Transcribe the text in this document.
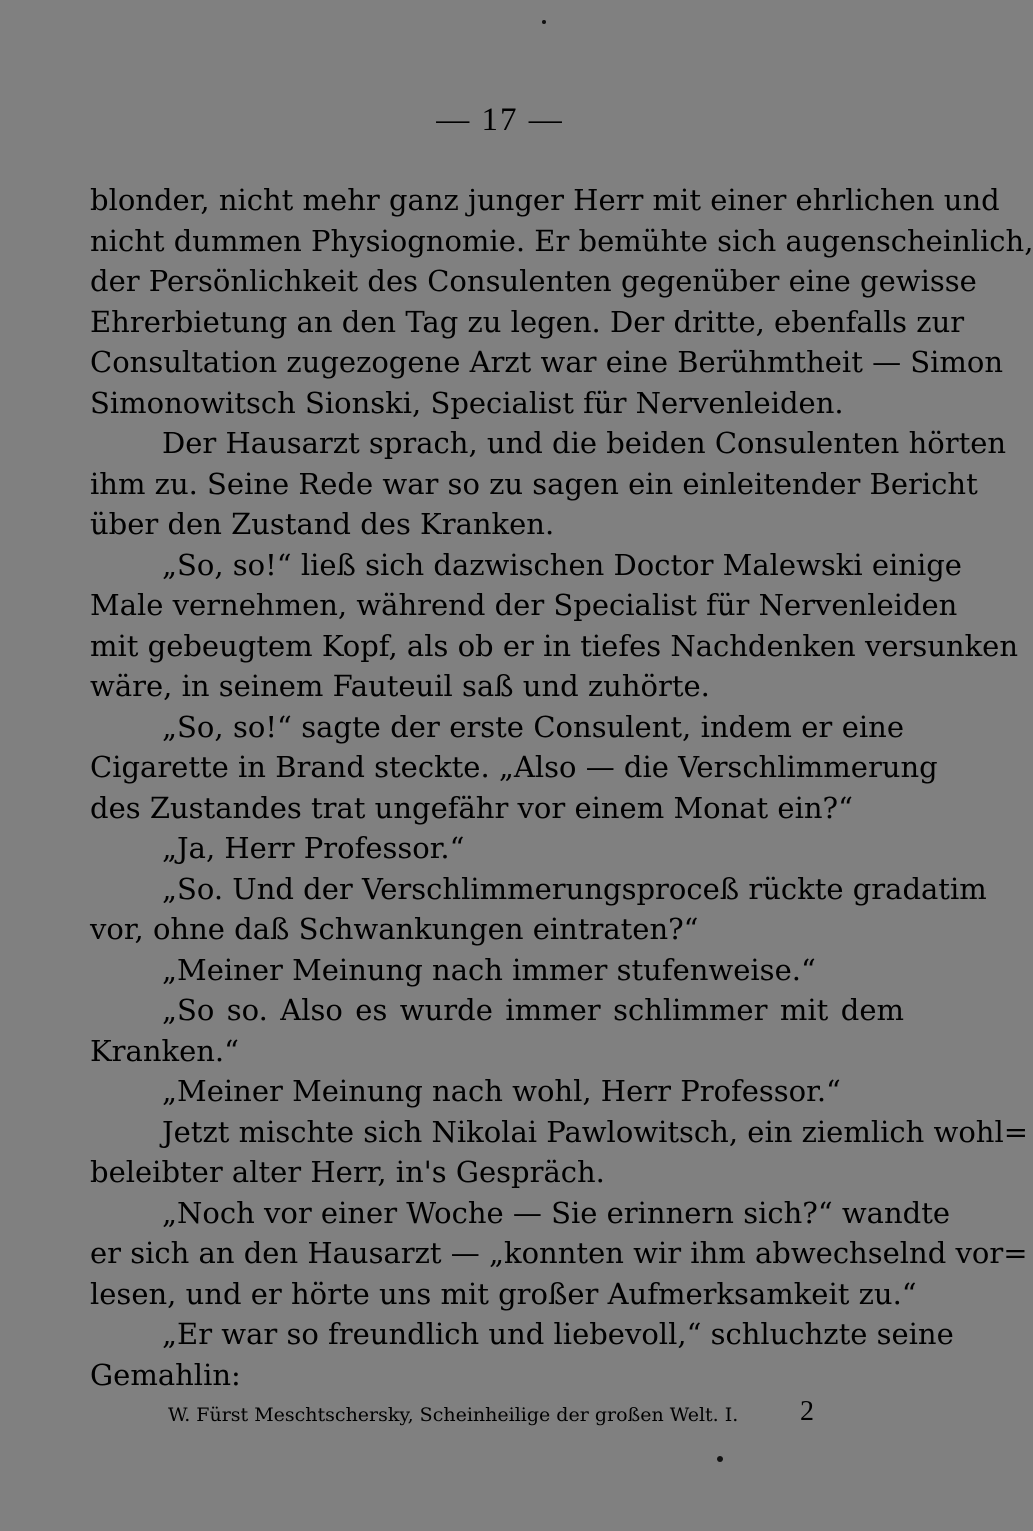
— 17 —
blonder, nicht mehr ganz junger Herr mit einer ehrlichen und
nicht dummen Physiognomie. Er bemühte sich augenscheinlich,
der Persönlichkeit des Consulenten gegenüber eine gewisse
Ehrerbietung an den Tag zu legen. Der dritte, ebenfalls zur
Consultation zugezogene Arzt war eine Berühmtheit — Simon
Simonowitsch Sionski, Specialist für Nervenleiden.
Der Hausarzt sprach, und die beiden Consulenten hörten
ihm zu. Seine Rede war so zu sagen ein einleitender Bericht
über den Zustand des Kranken.
„So, so!“ ließ sich dazwischen Doctor Malewski einige
Male vernehmen, während der Specialist für Nervenleiden
mit gebeugtem Kopf, als ob er in tiefes Nachdenken versunken
wäre, in seinem Fauteuil saß und zuhörte.
„So, so!“ sagte der erste Consulent, indem er eine
Cigarette in Brand steckte. „Also — die Verschlimmerung
des Zustandes trat ungefähr vor einem Monat ein?“
„Ja, Herr Professor.“
„So. Und der Verschlimmerungsproceß rückte gradatim
vor, ohne daß Schwankungen eintraten?“
„Meiner Meinung nach immer stufenweise.“
„So so. Also es wurde immer schlimmer mit dem
Kranken.“
„Meiner Meinung nach wohl, Herr Professor.“
Jetzt mischte sich Nikolai Pawlowitsch, ein ziemlich wohl=
beleibter alter Herr, in's Gespräch.
„Noch vor einer Woche — Sie erinnern sich?“ wandte
er sich an den Hausarzt — „konnten wir ihm abwechselnd vor=
lesen, und er hörte uns mit großer Aufmerksamkeit zu.“
„Er war so freundlich und liebevoll,“ schluchzte seine
Gemahlin:
W. Fürst Meschtschersky, Scheinheilige der großen Welt. I. 2
